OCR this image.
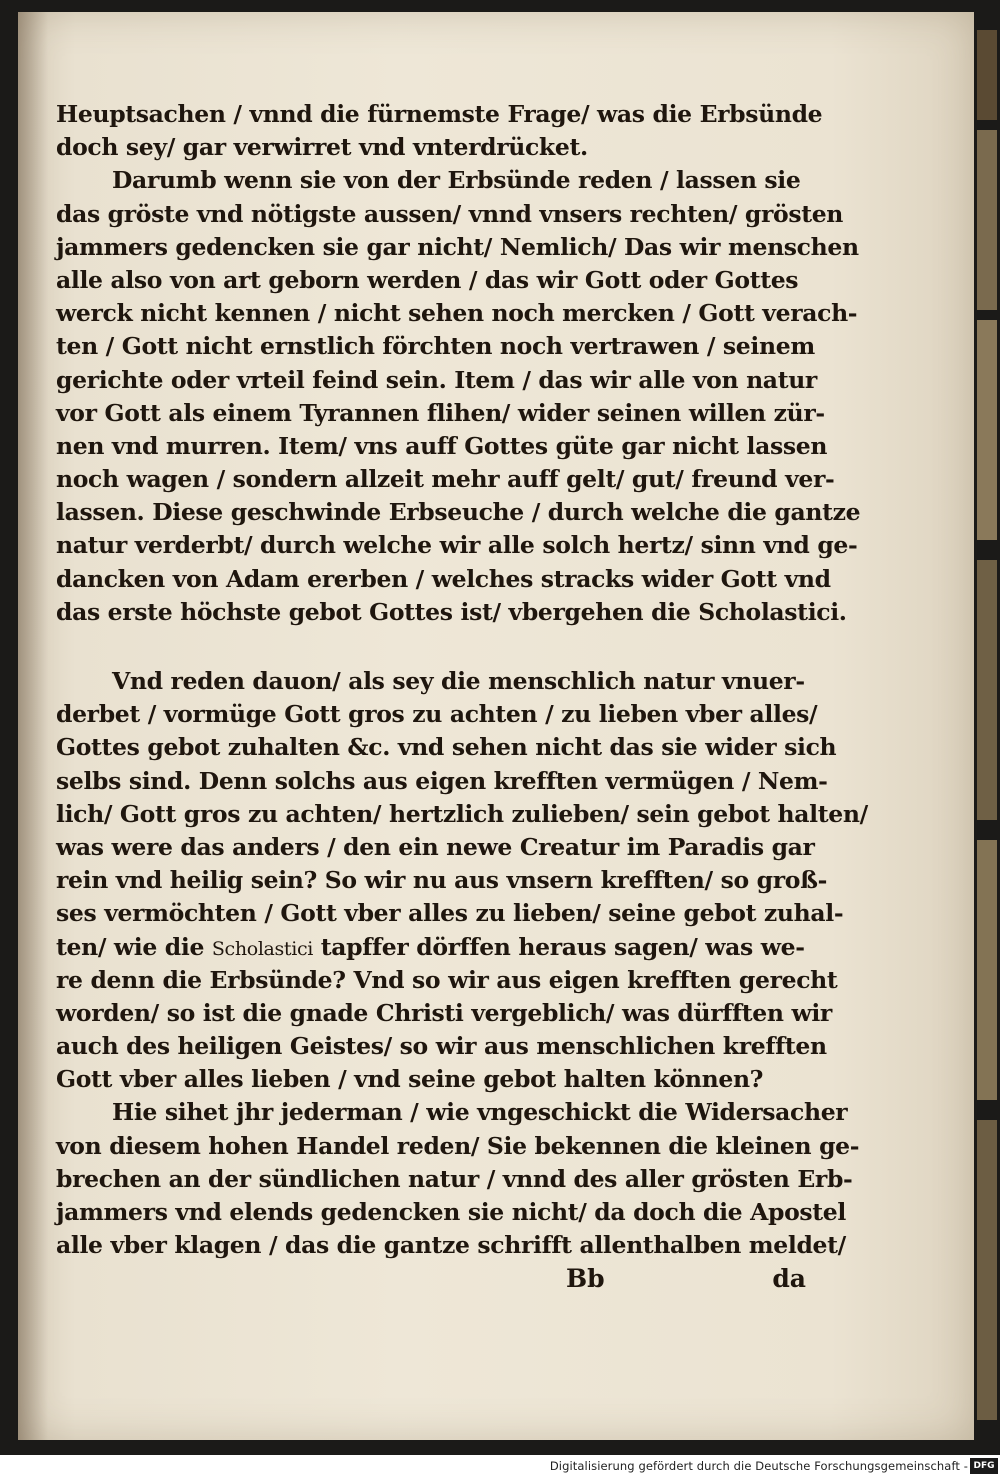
Heuptsachen / vnnd die fürnemste Frage/ was die Erbsünde
doch sey/ gar verwirret vnd vnterdrücket.
Darumb wenn sie von der Erbsünde reden / lassen sie
das gröste vnd nötigste aussen/ vnnd vnsers rechten/ grösten
jammers gedencken sie gar nicht/ Nemlich/ Das wir menschen
alle also von art geborn werden / das wir Gott oder Gottes
werck nicht kennen / nicht sehen noch mercken / Gott verach-
ten / Gott nicht ernstlich förchten noch vertrawen / seinem
gerichte oder vrteil feind sein. Item / das wir alle von natur
vor Gott als einem Tyrannen flihen/ wider seinen willen zür-
nen vnd murren. Item/ vns auff Gottes güte gar nicht lassen
noch wagen / sondern allzeit mehr auff gelt/ gut/ freund ver-
lassen. Diese geschwinde Erbseuche / durch welche die gantze
natur verderbt/ durch welche wir alle solch hertz/ sinn vnd ge-
dancken von Adam ererben / welches stracks wider Gott vnd
das erste höchste gebot Gottes ist/ vbergehen die Scholastici.
Vnd reden dauon/ als sey die menschlich natur vnuer-
derbet / vormüge Gott gros zu achten / zu lieben vber alles/
Gottes gebot zuhalten &c. vnd sehen nicht das sie wider sich
selbs sind. Denn solchs aus eigen krefften vermügen / Nem-
lich/ Gott gros zu achten/ hertzlich zulieben/ sein gebot halten/
was were das anders / den ein newe Creatur im Paradis gar
rein vnd heilig sein? So wir nu aus vnsern krefften/ so groß-
ses vermöchten / Gott vber alles zu lieben/ seine gebot zuhal-
ten/ wie die Scholastici tapffer dörffen heraus sagen/ was we-
re denn die Erbsünde? Vnd so wir aus eigen krefften gerecht
worden/ so ist die gnade Christi vergeblich/ was dürfften wir
auch des heiligen Geistes/ so wir aus menschlichen krefften
Gott vber alles lieben / vnd seine gebot halten können?
Hie sihet jhr jederman / wie vngeschickt die Widersacher
von diesem hohen Handel reden/ Sie bekennen die kleinen ge-
brechen an der sündlichen natur / vnnd des aller grösten Erb-
jammers vnd elends gedencken sie nicht/ da doch die Apostel
alle vber klagen / das die gantze schrifft allenthalben meldet/
Bb	da
Digitalisierung gefördert durch die Deutsche Forschungsgemeinschaft - DFG
